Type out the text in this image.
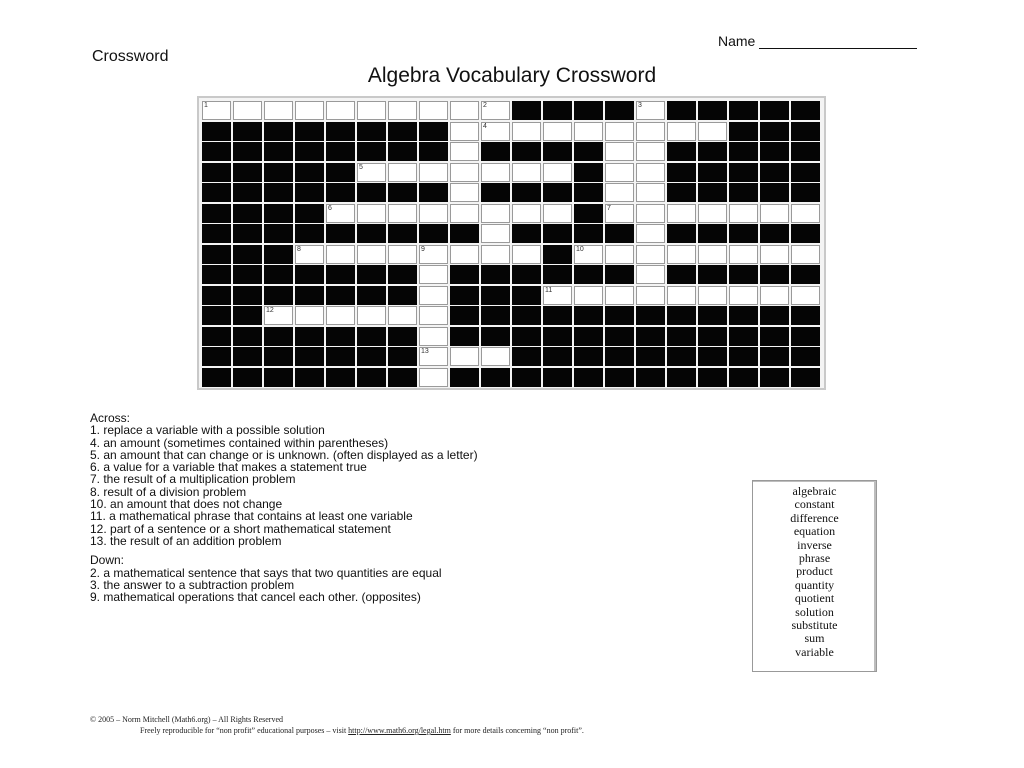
Crossword
Name
Algebra Vocabulary Crossword
1	2	3
4
5
6	7
8	9	10
11
12
13
Across:
1. replace a variable with a possible solution
4. an amount (sometimes contained within parentheses)
5. an amount that can change or is unknown. (often displayed as a letter)
6. a value for a variable that makes a statement true
7. the result of a multiplication problem
8. result of a division problem
10. an amount that does not change
11. a mathematical phrase that contains at least one variable
12. part of a sentence or a short mathematical statement
13. the result of an addition problem
Down:
2. a mathematical sentence that says that two quantities are equal
3. the answer to a subtraction problem
9. mathematical operations that cancel each other. (opposites)
algebraic
constant
difference
equation
inverse
phrase
product
quantity
quotient
solution
substitute
sum
variable
© 2005 – Norm Mitchell (Math6.org) – All Rights Reserved
Freely reproducible for “non profit” educational purposes – visit http://www.math6.org/legal.htm for more details concerning “non profit”.
